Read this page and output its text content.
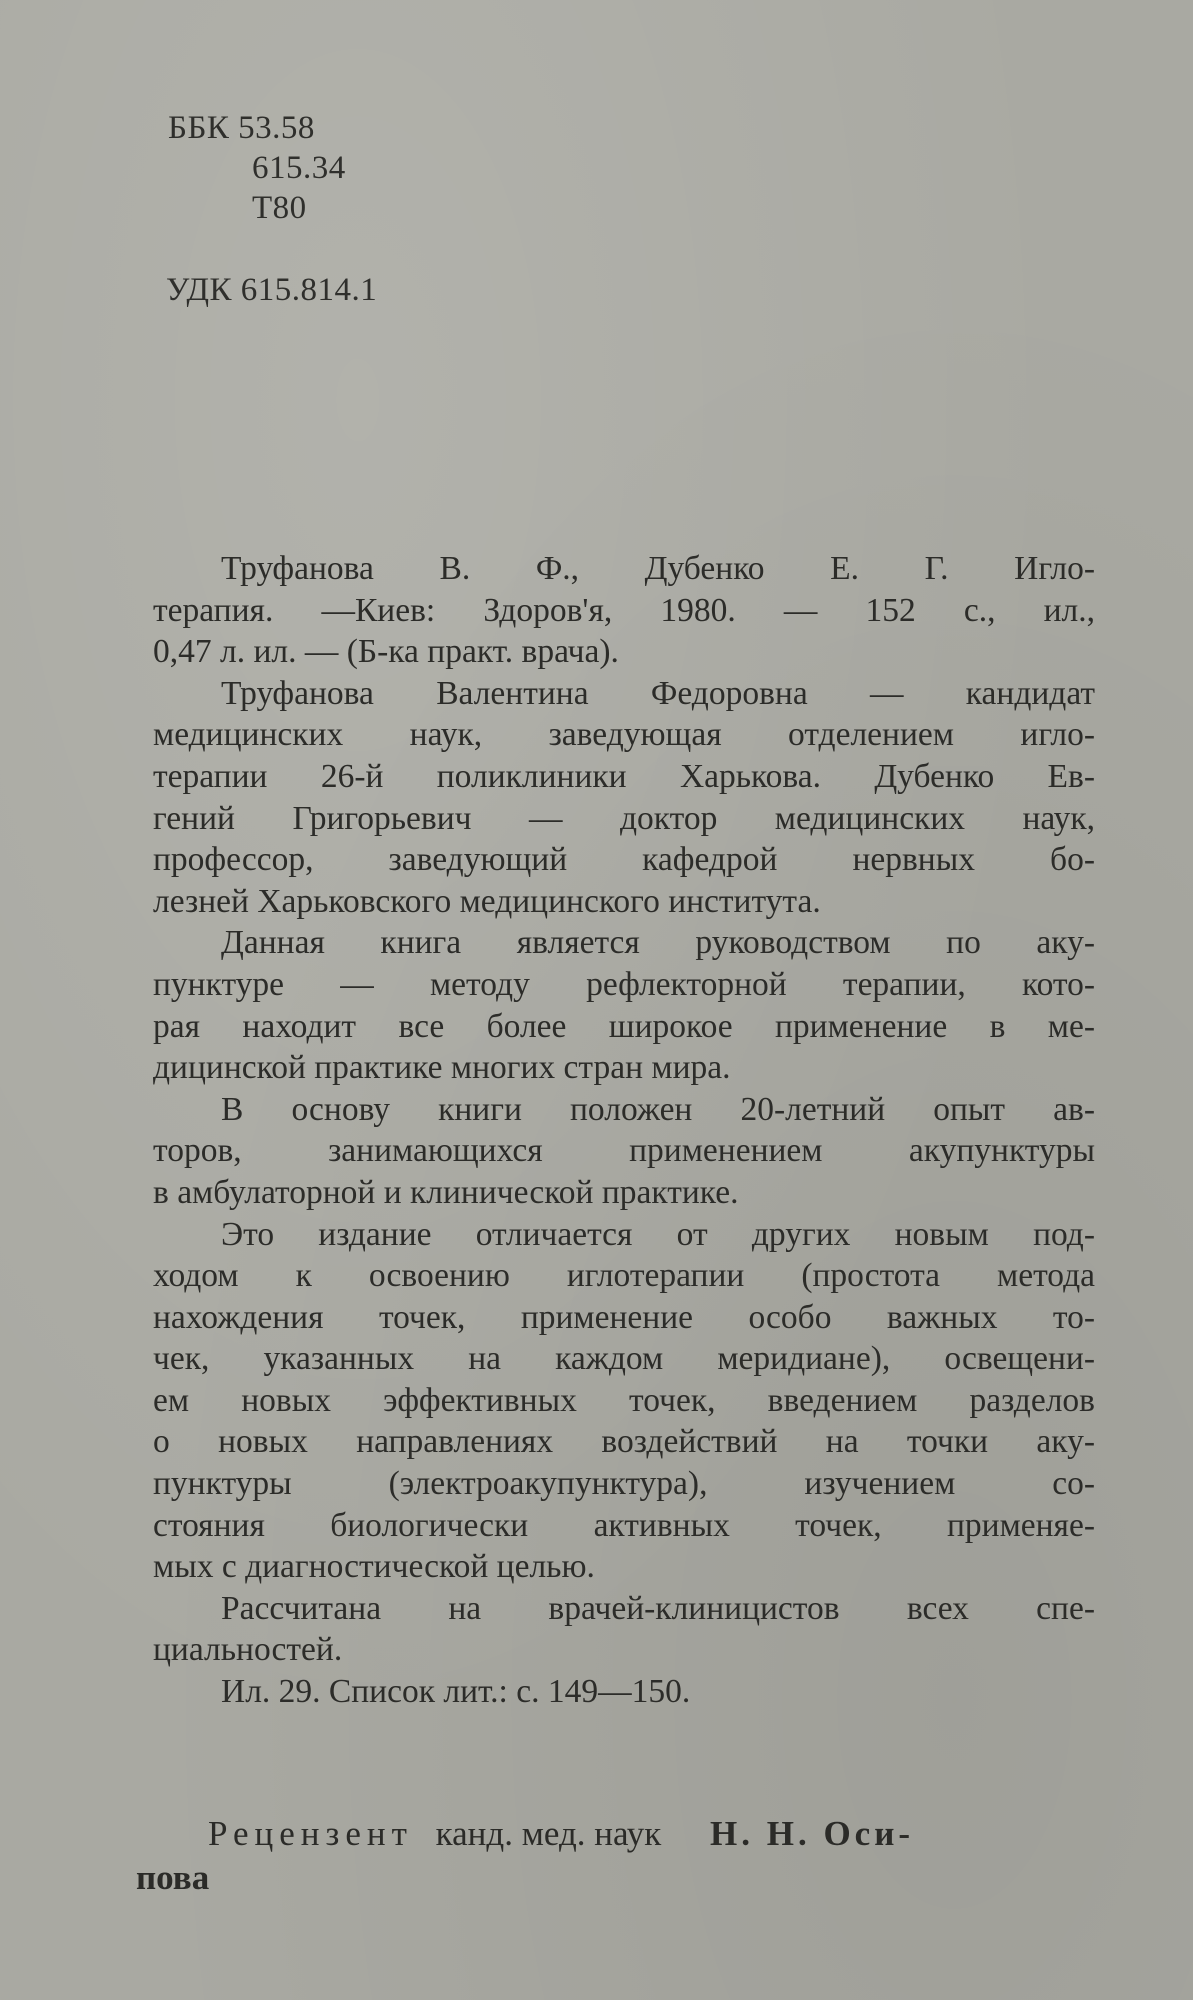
ББК 53.58
615.34
Т80
УДК 615.814.1
Труфанова В. Ф., Дубенко Е. Г. Игло-
терапия. —Киев: Здоров'я, 1980. — 152 с., ил.,
0,47 л. ил. — (Б-ка практ. врача).
Труфанова Валентина Федоровна — кандидат
медицинских наук, заведующая отделением игло-
терапии 26-й поликлиники Харькова. Дубенко Ев-
гений Григорьевич — доктор медицинских наук,
профессор, заведующий кафедрой нервных бо-
лезней Харьковского медицинского института.
Данная книга является руководством по аку-
пунктуре — методу рефлекторной терапии, кото-
рая находит все более широкое применение в ме-
дицинской практике многих стран мира.
В основу книги положен 20-летний опыт ав-
торов, занимающихся применением акупунктуры
в амбулаторной и клинической практике.
Это издание отличается от других новым под-
ходом к освоению иглотерапии (простота метода
нахождения точек, применение особо важных то-
чек, указанных на каждом меридиане), освещени-
ем новых эффективных точек, введением разделов
о новых направлениях воздействий на точки аку-
пунктуры (электроакупунктура), изучением со-
стояния биологически активных точек, применяе-
мых с диагностической целью.
Рассчитана на врачей-клиницистов всех спе-
циальностей.
Ил. 29. Список лит.: с. 149—150.
Рецензент канд. мед. наук Н. Н. Оси-
пова
